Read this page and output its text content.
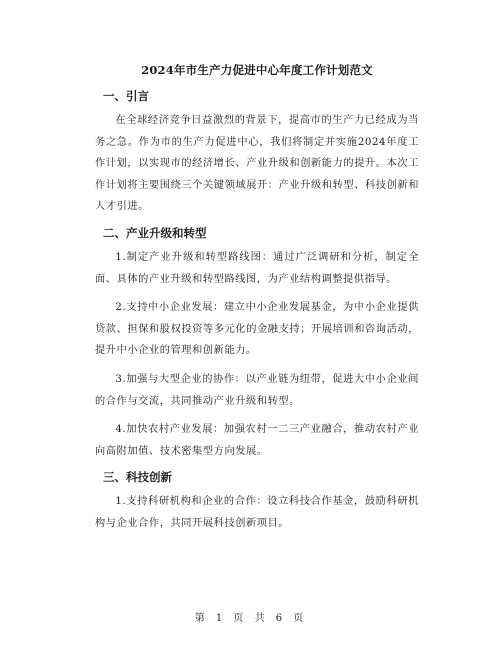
2024年市生产力促进中心年度工作计划范文
一、引言

在全球经济竞争日益激烈的背景下，提高市的生产力已经成为当务之急。作为市的生产力促进中心，我们将制定并实施2024年度工作计划，以实现市的经济增长、产业升级和创新能力的提升。本次工作计划将主要围绕三个关键领域展开：产业升级和转型、科技创新和人才引进。

二、产业升级和转型

1.制定产业升级和转型路线图：通过广泛调研和分析，制定全面、具体的产业升级和转型路线图，为产业结构调整提供指导。

2.支持中小企业发展：建立中小企业发展基金，为中小企业提供贷款、担保和股权投资等多元化的金融支持；开展培训和咨询活动，提升中小企业的管理和创新能力。

3.加强与大型企业的协作：以产业链为纽带，促进大中小企业间的合作与交流，共同推动产业升级和转型。

4.加快农村产业发展：加强农村一二三产业融合，推动农村产业向高附加值、技术密集型方向发展。

三、科技创新

1.支持科研机构和企业的合作：设立科技合作基金，鼓励科研机构与企业合作，共同开展科技创新项目。

第 1 页 共 6 页
